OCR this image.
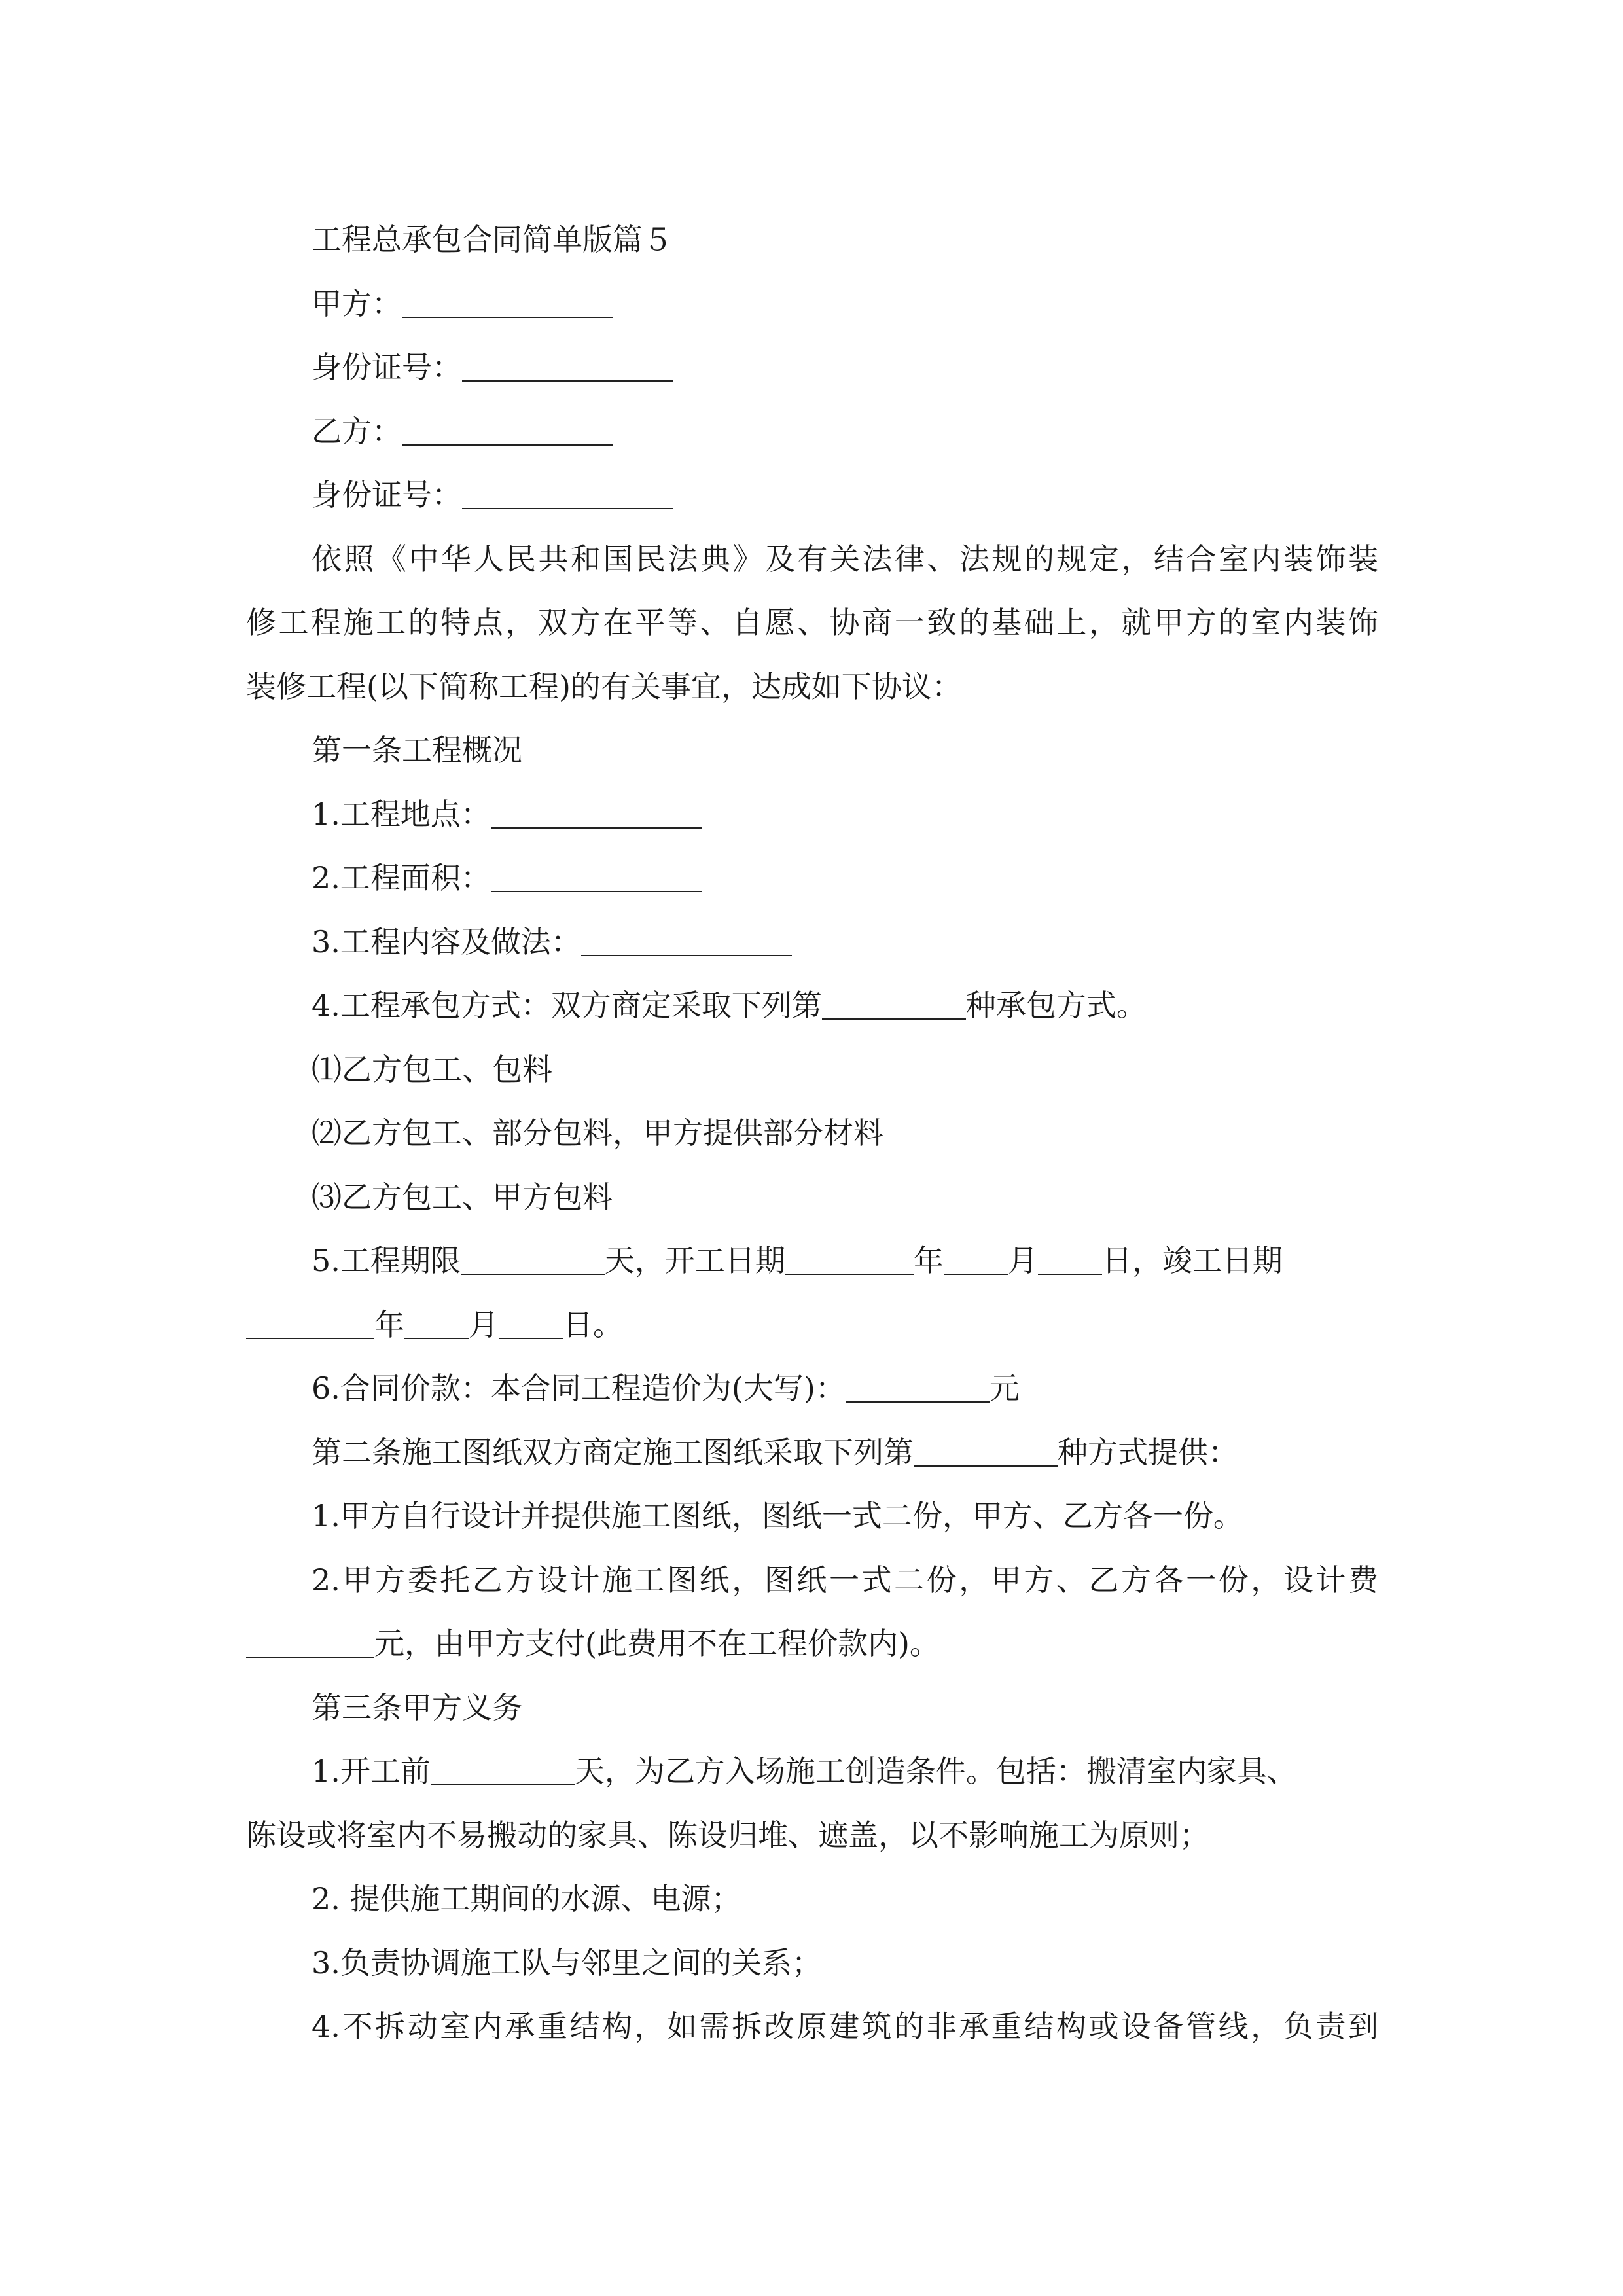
工程总承包合同简单版篇５
甲方：
身份证号：
乙方：
身份证号：
依照《中华人民共和国民法典》及有关法律、法规的规定，结合室内装饰装
修工程施工的特点，双方在平等、自愿、协商一致的基础上，就甲方的室内装饰
装修工程(以下简称工程)的有关事宜，达成如下协议：
第一条工程概况
1.工程地点：
2.工程面积：
3.工程内容及做法：
4.工程承包方式：双方商定采取下列第	种承包方式。
⑴乙方包工、包料
⑵乙方包工、部分包料，甲方提供部分材料
⑶乙方包工、甲方包料
5.工程期限	天，开工日期	年 月 日，竣工日期
年 月 日。
6.合同价款：本合同工程造价为(大写)：	元
第二条施工图纸双方商定施工图纸采取下列第	种方式提供：
1.甲方自行设计并提供施工图纸，图纸一式二份，甲方、乙方各一份。
2.甲方委托乙方设计施工图纸，图纸一式二份，甲方、乙方各一份，设计费
元，由甲方支付(此费用不在工程价款内)。
第三条甲方义务
1.开工前	天，为乙方入场施工创造条件。包括：搬清室内家具、
陈设或将室内不易搬动的家具、陈设归堆、遮盖，以不影响施工为原则；
2. 提供施工期间的水源、电源；
3.负责协调施工队与邻里之间的关系；
4.不拆动室内承重结构，如需拆改原建筑的非承重结构或设备管线，负责到
